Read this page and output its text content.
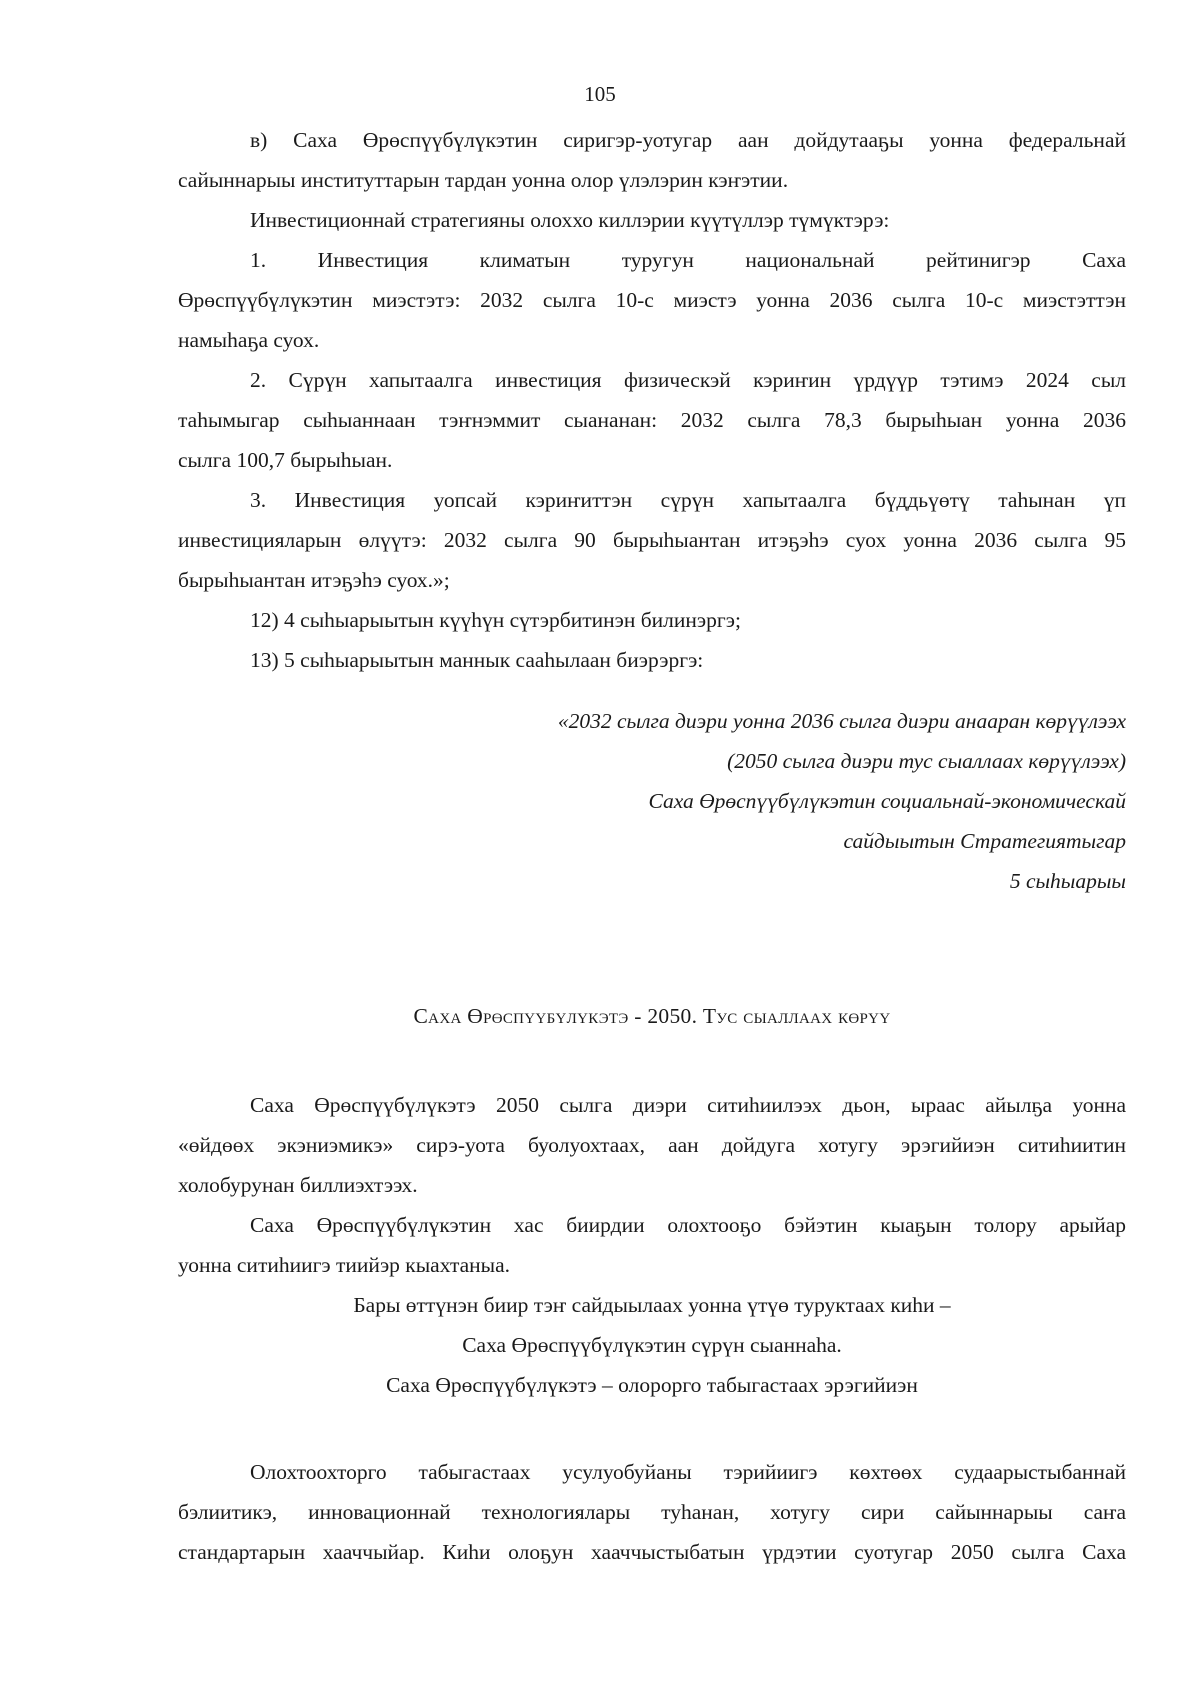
105

в) Саха Өрөспүүбүлүкэтин сиригэр-уотугар аан дойдутааҕы уонна федеральнай

сайыннарыы институттарын тардан уонна олор үлэлэрин кэҥэтии.

Инвестиционнай стратегияны олоххо киллэрии күүтүллэр түмүктэрэ:

1. Инвестиция климатын туругун национальнай рейтинигэр Саха

Өрөспүүбүлүкэтин миэстэтэ: 2032 сылга 10-с миэстэ уонна 2036 сылга 10-с миэстэттэн

намыһаҕа суох.

2. Сүрүн хапытаалга инвестиция физическэй кэриҥин үрдүүр тэтимэ 2024 сыл

таһымыгар сыһыаннаан тэҥнэммит сыананан: 2032 сылга 78,3 бырыһыан уонна 2036

сылга 100,7 бырыһыан.

3. Инвестиция уопсай кэриҥиттэн сүрүн хапытаалга бүддьүөтү таһынан үп

инвестицияларын өлүүтэ: 2032 сылга 90 бырыһыантан итэҕэһэ суох уонна 2036 сылга 95

бырыһыантан итэҕэһэ суох.»;

12) 4 сыһыарыытын күүһүн сүтэрбитинэн билинэргэ;

13) 5 сыһыарыытын маннык сааһылаан биэрэргэ:

«2032 сылга диэри уонна 2036 сылга диэри анааран көрүүлээх

(2050 сылга диэри тус сыаллаах көрүүлээх)

Саха Өрөспүүбүлүкэтин социальнай-экономическай

сайдыытын Стратегиятыгар

5 сыһыарыы

Саха Өрөспүүбүлүкэтэ - 2050. Тус сыаллаах көрүү

Саха Өрөспүүбүлүкэтэ 2050 сылга диэри ситиһиилээх дьон, ыраас айылҕа уонна

«өйдөөх экэниэмикэ» сирэ-уота буолуохтаах, аан дойдуга хотугу эрэгийиэн ситиһиитин

холобурунан биллиэхтээх.

Саха Өрөспүүбүлүкэтин хас биирдии олохтооҕо бэйэтин кыаҕын толору арыйар

уонна ситиһиигэ тиийэр кыахтаныа.

Бары өттүнэн биир тэҥ сайдыылаах уонна үтүө туруктаах киһи –

Саха Өрөспүүбүлүкэтин сүрүн сыаннаһа.

Саха Өрөспүүбүлүкэтэ – олорорго табыгастаах эрэгийиэн

Олохтоохторго табыгастаах усулуобуйаны тэрийиигэ көхтөөх судаарыстыбаннай

бэлиитикэ, инновационнай технологиялары туһанан, хотугу сири сайыннарыы саҥа

стандартарын хааччыйар. Киһи олоҕун хааччыстыбатын үрдэтии суотугар 2050 сылга Саха
